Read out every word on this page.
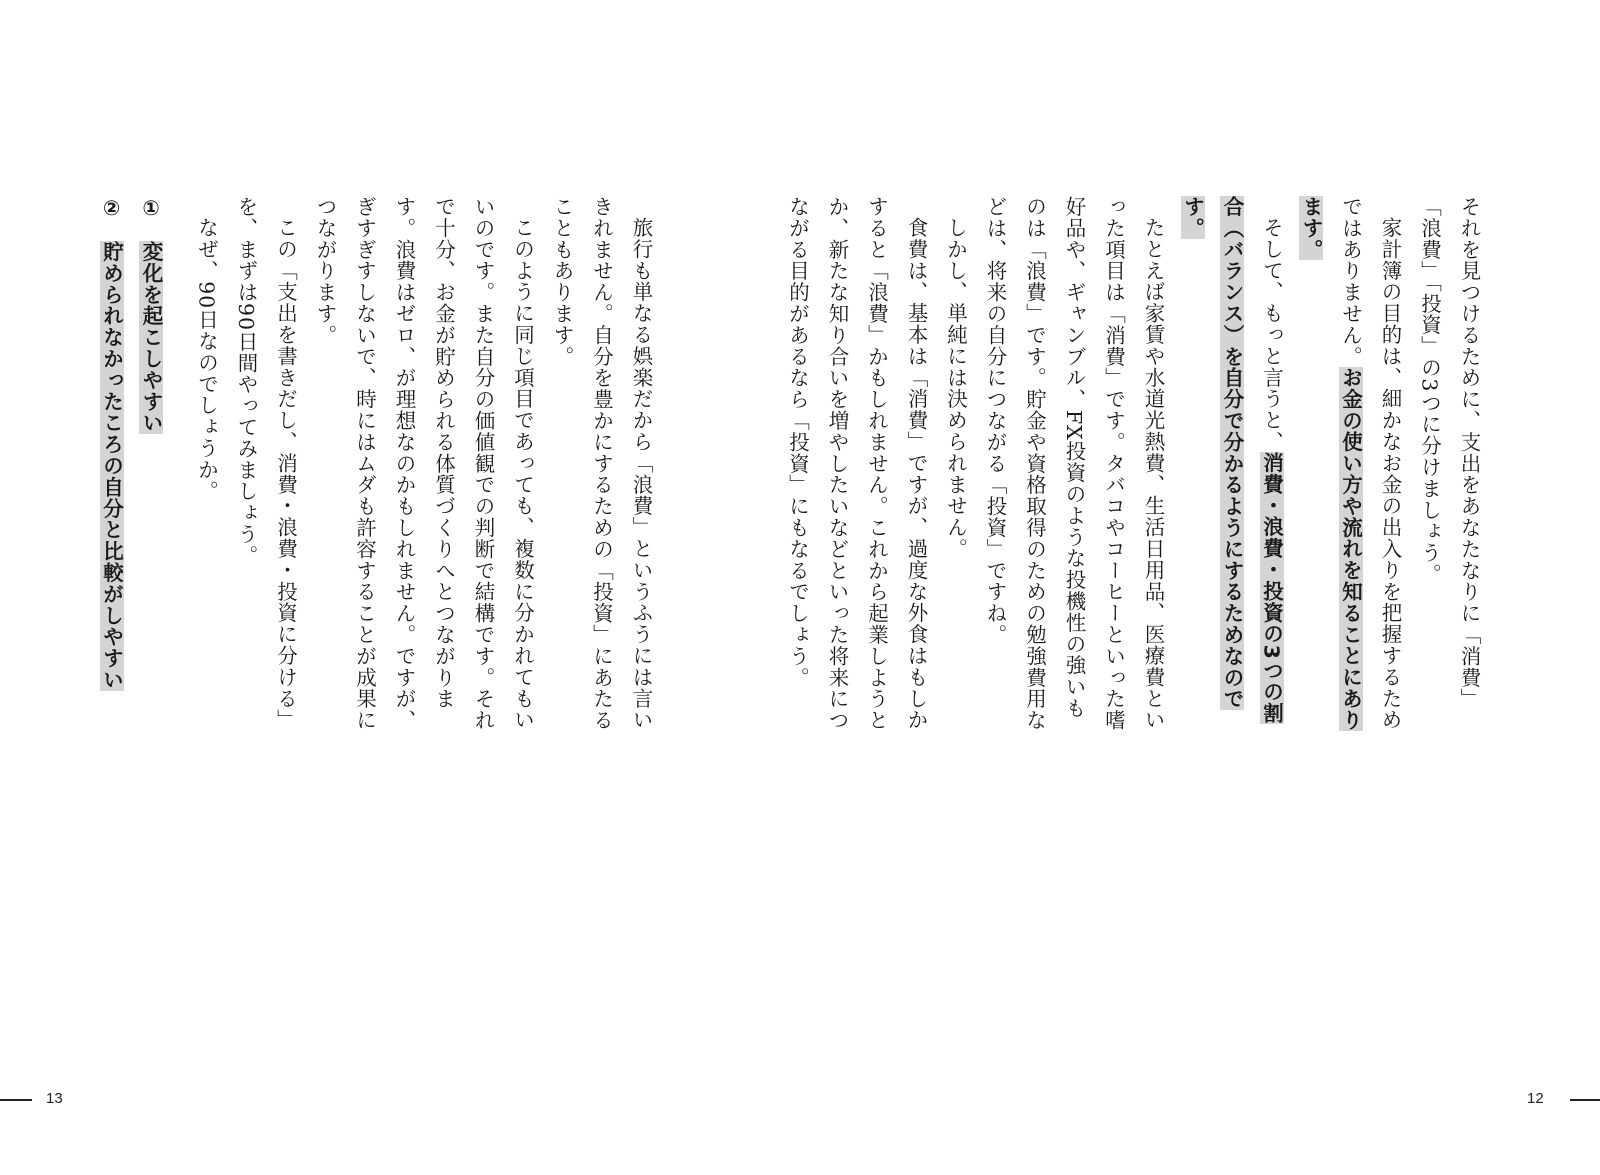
それを見つけるために、支出をあなたなりに「消費」「浪費」「投資」の3つに分けましょう。

家計簿の目的は、細かなお金の出入りを把握するためではありません。お金の使い方や流れを知ることにあります。

そして、もっと言うと、消費・浪費・投資の3つの割合（バランス）を自分で分かるようにするためなのです。

たとえば家賃や水道光熱費、生活日用品、医療費といった項目は「消費」です。タバコやコーヒーといった嗜好品や、ギャンブル、FX投資のような投機性の強いものは「浪費」です。貯金や資格取得のための勉強費用などは、将来の自分につながる「投資」ですね。

しかし、単純には決められません。

食費は、基本は「消費」ですが、過度な外食はもしかすると「浪費」かもしれません。これから起業しようとか、新たな知り合いを増やしたいなどといった将来につながる目的があるなら「投資」にもなるでしょう。

旅行も単なる娯楽だから「浪費」というふうには言いきれません。自分を豊かにするための「投資」にあたることもあります。

このように同じ項目であっても、複数に分かれてもいいのです。また自分の価値観での判断で結構です。それで十分、お金が貯められる体質づくりへとつながります。浪費はゼロ、が理想なのかもしれません。ですが、ぎすぎすしないで、時にはムダも許容することが成果につながります。

この「支出を書きだし、消費・浪費・投資に分ける」を、まずは90日間やってみましょう。

なぜ、90日なのでしょうか。

①変化を起こしやすい

②貯められなかったころの自分と比較がしやすい

13	12
